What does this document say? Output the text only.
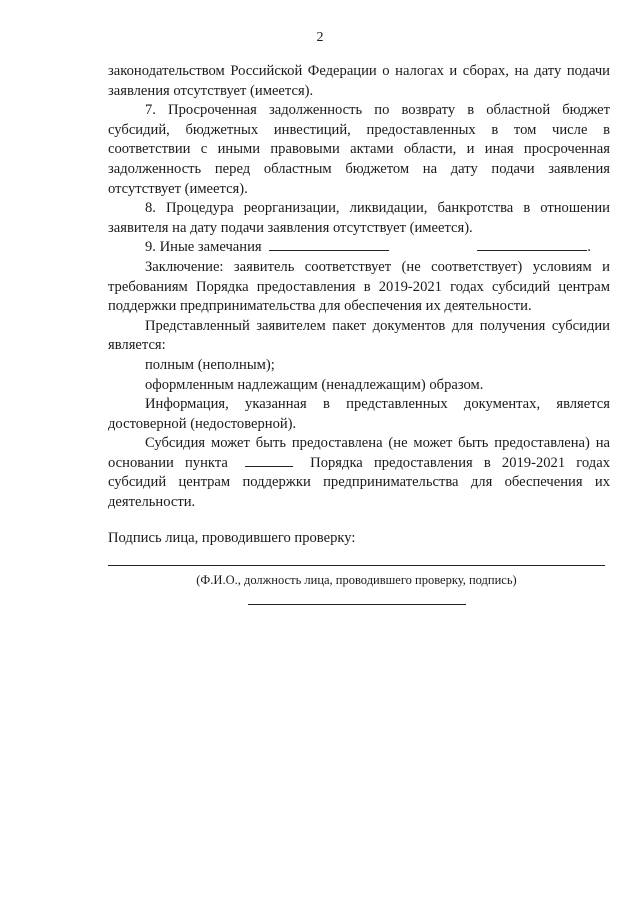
2

законодательством Российской Федерации о налогах и сборах, на дату подачи заявления отсутствует (имеется).

7. Просроченная задолженность по возврату в областной бюджет субсидий, бюджетных инвестиций, предоставленных в том числе в соответствии с иными правовыми актами области, и иная просроченная задолженность перед областным бюджетом на дату подачи заявления отсутствует (имеется).

8. Процедура реорганизации, ликвидации, банкротства в отношении заявителя на дату подачи заявления отсутствует (имеется).

9. Иные замечания	.

Заключение: заявитель соответствует (не соответствует) условиям и требованиям Порядка предоставления в 2019-2021 годах субсидий центрам поддержки предпринимательства для обеспечения их деятельности.

Представленный заявителем пакет документов для получения субсидии является:

полным (неполным);

оформленным надлежащим (ненадлежащим) образом.

Информация, указанная в представленных документах, является достоверной (недостоверной).

Субсидия может быть предоставлена (не может быть предоставлена) на основании пункта	Порядка предоставления в 2019-2021 годах субсидий центрам поддержки предпринимательства для обеспечения их деятельности.

Подпись лица, проводившего проверку:
(Ф.И.О., должность лица, проводившего проверку, подпись)
